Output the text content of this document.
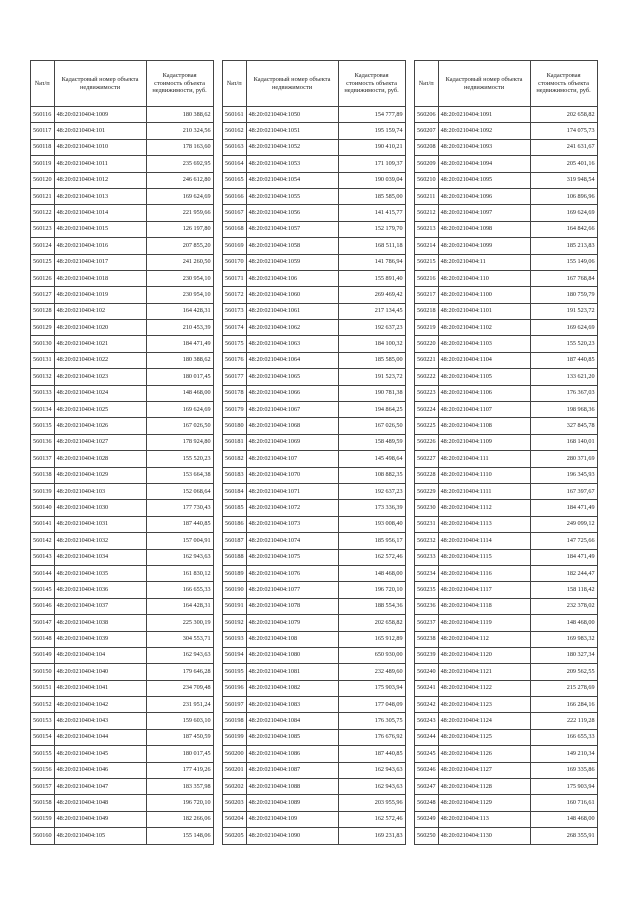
№п/п	Кадастровый номер объекта недвижимости	Кадастровая стоимость объекта недвижимости, руб.
560116	48:20:0210404:1009	180 388,62
560117	48:20:0210404:101	210 324,56
560118	48:20:0210404:1010	178 163,60
560119	48:20:0210404:1011	235 692,95
560120	48:20:0210404:1012	246 612,80
560121	48:20:0210404:1013	169 624,69
560122	48:20:0210404:1014	221 959,66
560123	48:20:0210404:1015	126 197,80
560124	48:20:0210404:1016	207 855,20
560125	48:20:0210404:1017	241 260,50
560126	48:20:0210404:1018	230 954,10
560127	48:20:0210404:1019	230 954,10
560128	48:20:0210404:102	164 428,31
560129	48:20:0210404:1020	210 453,39
560130	48:20:0210404:1021	184 471,49
560131	48:20:0210404:1022	180 388,62
560132	48:20:0210404:1023	180 017,45
560133	48:20:0210404:1024	148 468,00
560134	48:20:0210404:1025	169 624,69
560135	48:20:0210404:1026	167 026,50
560136	48:20:0210404:1027	178 924,80
560137	48:20:0210404:1028	155 520,23
560138	48:20:0210404:1029	153 664,38
560139	48:20:0210404:103	152 068,64
560140	48:20:0210404:1030	177 730,43
560141	48:20:0210404:1031	187 440,85
560142	48:20:0210404:1032	157 004,91
560143	48:20:0210404:1034	162 943,63
560144	48:20:0210404:1035	161 830,12
560145	48:20:0210404:1036	166 655,33
560146	48:20:0210404:1037	164 428,31
560147	48:20:0210404:1038	225 300,19
560148	48:20:0210404:1039	304 553,71
560149	48:20:0210404:104	162 943,63
560150	48:20:0210404:1040	179 646,28
560151	48:20:0210404:1041	234 709,48
560152	48:20:0210404:1042	231 951,24
560153	48:20:0210404:1043	159 603,10
560154	48:20:0210404:1044	187 450,59
560155	48:20:0210404:1045	180 017,45
560156	48:20:0210404:1046	177 419,26
560157	48:20:0210404:1047	183 357,98
560158	48:20:0210404:1048	196 720,10
560159	48:20:0210404:1049	182 266,06
560160	48:20:0210404:105	155 148,06
№п/п	Кадастровый номер объекта недвижимости	Кадастровая стоимость объекта недвижимости, руб.
560161	48:20:0210404:1050	154 777,89
560162	48:20:0210404:1051	195 159,74
560163	48:20:0210404:1052	190 410,21
560164	48:20:0210404:1053	171 109,37
560165	48:20:0210404:1054	190 039,04
560166	48:20:0210404:1055	185 585,00
560167	48:20:0210404:1056	141 415,77
560168	48:20:0210404:1057	152 179,70
560169	48:20:0210404:1058	168 511,18
560170	48:20:0210404:1059	141 786,94
560171	48:20:0210404:106	155 891,40
560172	48:20:0210404:1060	269 469,42
560173	48:20:0210404:1061	217 134,45
560174	48:20:0210404:1062	192 637,23
560175	48:20:0210404:1063	184 100,32
560176	48:20:0210404:1064	185 585,00
560177	48:20:0210404:1065	191 523,72
560178	48:20:0210404:1066	190 781,38
560179	48:20:0210404:1067	194 864,25
560180	48:20:0210404:1068	167 026,50
560181	48:20:0210404:1069	158 489,59
560182	48:20:0210404:107	145 498,64
560183	48:20:0210404:1070	108 882,35
560184	48:20:0210404:1071	192 637,23
560185	48:20:0210404:1072	173 336,39
560186	48:20:0210404:1073	193 008,40
560187	48:20:0210404:1074	185 956,17
560188	48:20:0210404:1075	162 572,46
560189	48:20:0210404:1076	148 468,00
560190	48:20:0210404:1077	196 720,10
560191	48:20:0210404:1078	188 554,36
560192	48:20:0210404:1079	202 658,82
560193	48:20:0210404:108	165 912,89
560194	48:20:0210404:1080	650 930,00
560195	48:20:0210404:1081	232 489,60
560196	48:20:0210404:1082	175 903,94
560197	48:20:0210404:1083	177 048,09
560198	48:20:0210404:1084	176 305,75
560199	48:20:0210404:1085	176 676,92
560200	48:20:0210404:1086	187 440,85
560201	48:20:0210404:1087	162 943,63
560202	48:20:0210404:1088	162 943,63
560203	48:20:0210404:1089	203 955,96
560204	48:20:0210404:109	162 572,46
560205	48:20:0210404:1090	169 231,83
№п/п	Кадастровый номер объекта недвижимости	Кадастровая стоимость объекта недвижимости, руб.
560206	48:20:0210404:1091	202 658,82
560207	48:20:0210404:1092	174 075,73
560208	48:20:0210404:1093	241 631,67
560209	48:20:0210404:1094	205 401,16
560210	48:20:0210404:1095	319 948,54
560211	48:20:0210404:1096	106 896,96
560212	48:20:0210404:1097	169 624,69
560213	48:20:0210404:1098	164 842,66
560214	48:20:0210404:1099	185 213,83
560215	48:20:0210404:11	155 149,06
560216	48:20:0210404:110	167 768,84
560217	48:20:0210404:1100	180 759,79
560218	48:20:0210404:1101	191 523,72
560219	48:20:0210404:1102	169 624,69
560220	48:20:0210404:1103	155 520,23
560221	48:20:0210404:1104	187 440,85
560222	48:20:0210404:1105	133 621,20
560223	48:20:0210404:1106	176 367,03
560224	48:20:0210404:1107	198 968,36
560225	48:20:0210404:1108	327 845,78
560226	48:20:0210404:1109	168 140,01
560227	48:20:0210404:111	280 371,69
560228	48:20:0210404:1110	196 345,93
560229	48:20:0210404:1111	167 397,67
560230	48:20:0210404:1112	184 471,49
560231	48:20:0210404:1113	249 099,12
560232	48:20:0210404:1114	147 725,66
560233	48:20:0210404:1115	184 471,49
560234	48:20:0210404:1116	182 244,47
560235	48:20:0210404:1117	158 118,42
560236	48:20:0210404:1118	232 378,02
560237	48:20:0210404:1119	148 468,00
560238	48:20:0210404:112	169 983,32
560239	48:20:0210404:1120	180 327,34
560240	48:20:0210404:1121	209 562,55
560241	48:20:0210404:1122	215 278,69
560242	48:20:0210404:1123	166 284,16
560243	48:20:0210404:1124	222 119,28
560244	48:20:0210404:1125	166 655,33
560245	48:20:0210404:1126	149 210,34
560246	48:20:0210404:1127	169 335,86
560247	48:20:0210404:1128	175 903,94
560248	48:20:0210404:1129	160 716,61
560249	48:20:0210404:113	148 468,00
560250	48:20:0210404:1130	268 355,91
